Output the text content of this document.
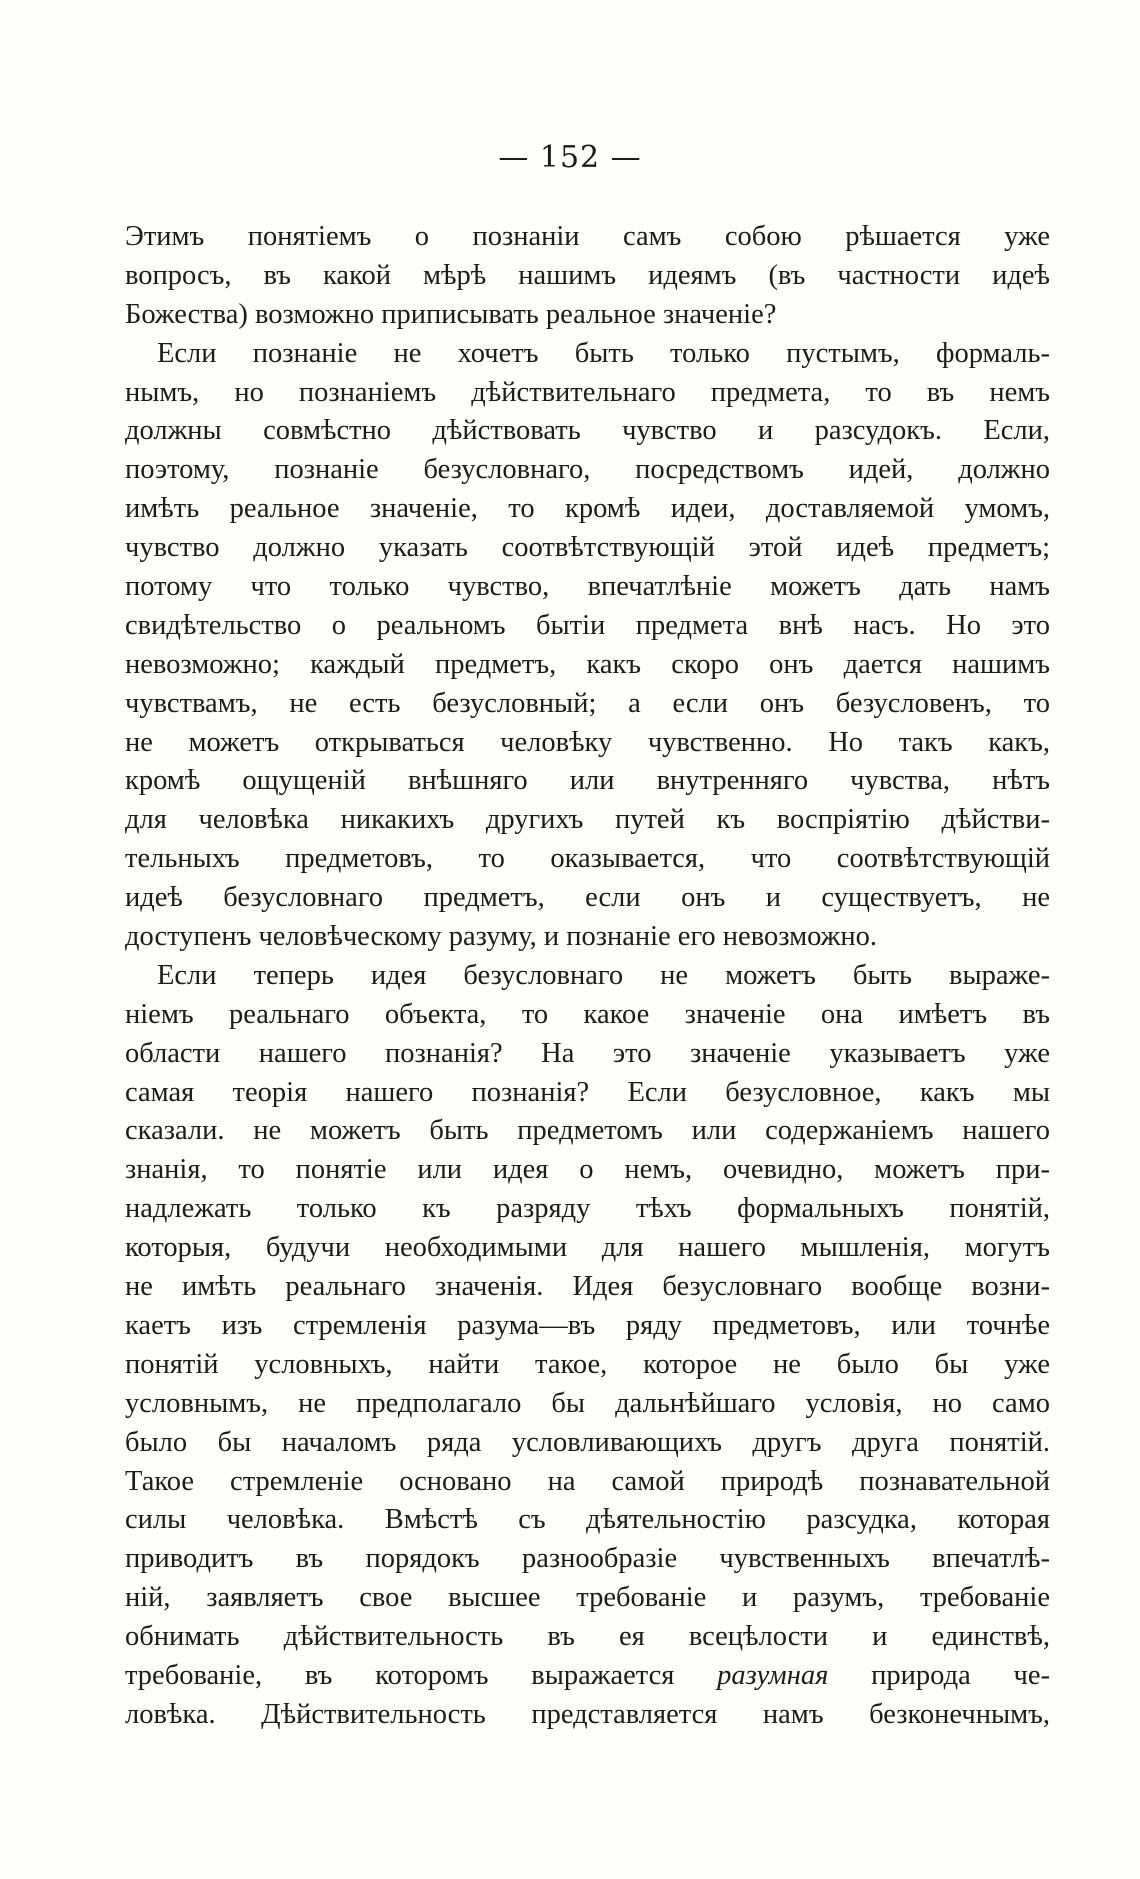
— 152 —
Этимъ понятіемъ о познаніи самъ собою рѣшается уже
вопросъ, въ какой мѣрѣ нашимъ идеямъ (въ частности идеѣ
Божества) возможно приписывать реальное значеніе?
Если познаніе не хочетъ быть только пустымъ, формаль-
нымъ, но познаніемъ дѣйствительнаго предмета, то въ немъ
должны совмѣстно дѣйствовать чувство и разсудокъ. Если,
поэтому, познаніе безусловнаго, посредствомъ идей, должно
имѣть реальное значеніе, то кромѣ идеи, доставляемой умомъ,
чувство должно указать соотвѣтствующій этой идеѣ предметъ;
потому что только чувство, впечатлѣніе можетъ дать намъ
свидѣтельство о реальномъ бытіи предмета внѣ насъ. Но это
невозможно; каждый предметъ, какъ скоро онъ дается нашимъ
чувствамъ, не есть безусловный; а если онъ безусловенъ, то
не можетъ открываться человѣку чувственно. Но такъ какъ,
кромѣ ощущеній внѣшняго или внутренняго чувства, нѣтъ
для человѣка никакихъ другихъ путей къ воспріятію дѣйстви-
тельныхъ предметовъ, то оказывается, что соотвѣтствующій
идеѣ безусловнаго предметъ, если онъ и существуетъ, не
доступенъ человѣческому разуму, и познаніе его невозможно.
Если теперь идея безусловнаго не можетъ быть выраже-
ніемъ реальнаго объекта, то какое значеніе она имѣетъ въ
области нашего познанія? На это значеніе указываетъ уже
самая теорія нашего познанія? Если безусловное, какъ мы
сказали. не можетъ быть предметомъ или содержаніемъ нашего
знанія, то понятіе или идея о немъ, очевидно, можетъ при-
надлежать только къ разряду тѣхъ формальныхъ понятій,
которыя, будучи необходимыми для нашего мышленія, могутъ
не имѣть реальнаго значенія. Идея безусловнаго вообще возни-
каетъ изъ стремленія разума—въ ряду предметовъ, или точнѣе
понятій условныхъ, найти такое, которое не было бы уже
условнымъ, не предполагало бы дальнѣйшаго условія, но само
было бы началомъ ряда условливающихъ другъ друга понятій.
Такое стремленіе основано на самой природѣ познавательной
силы человѣка. Вмѣстѣ съ дѣятельностію разсудка, которая
приводитъ въ порядокъ разнообразіе чувственныхъ впечатлѣ-
ній, заявляетъ свое высшее требованіе и разумъ, требованіе
обнимать дѣйствительность въ ея всецѣлости и единствѣ,
требованіе, въ которомъ выражается разумная природа че-
ловѣка. Дѣйствительность представляется намъ безконечнымъ,
